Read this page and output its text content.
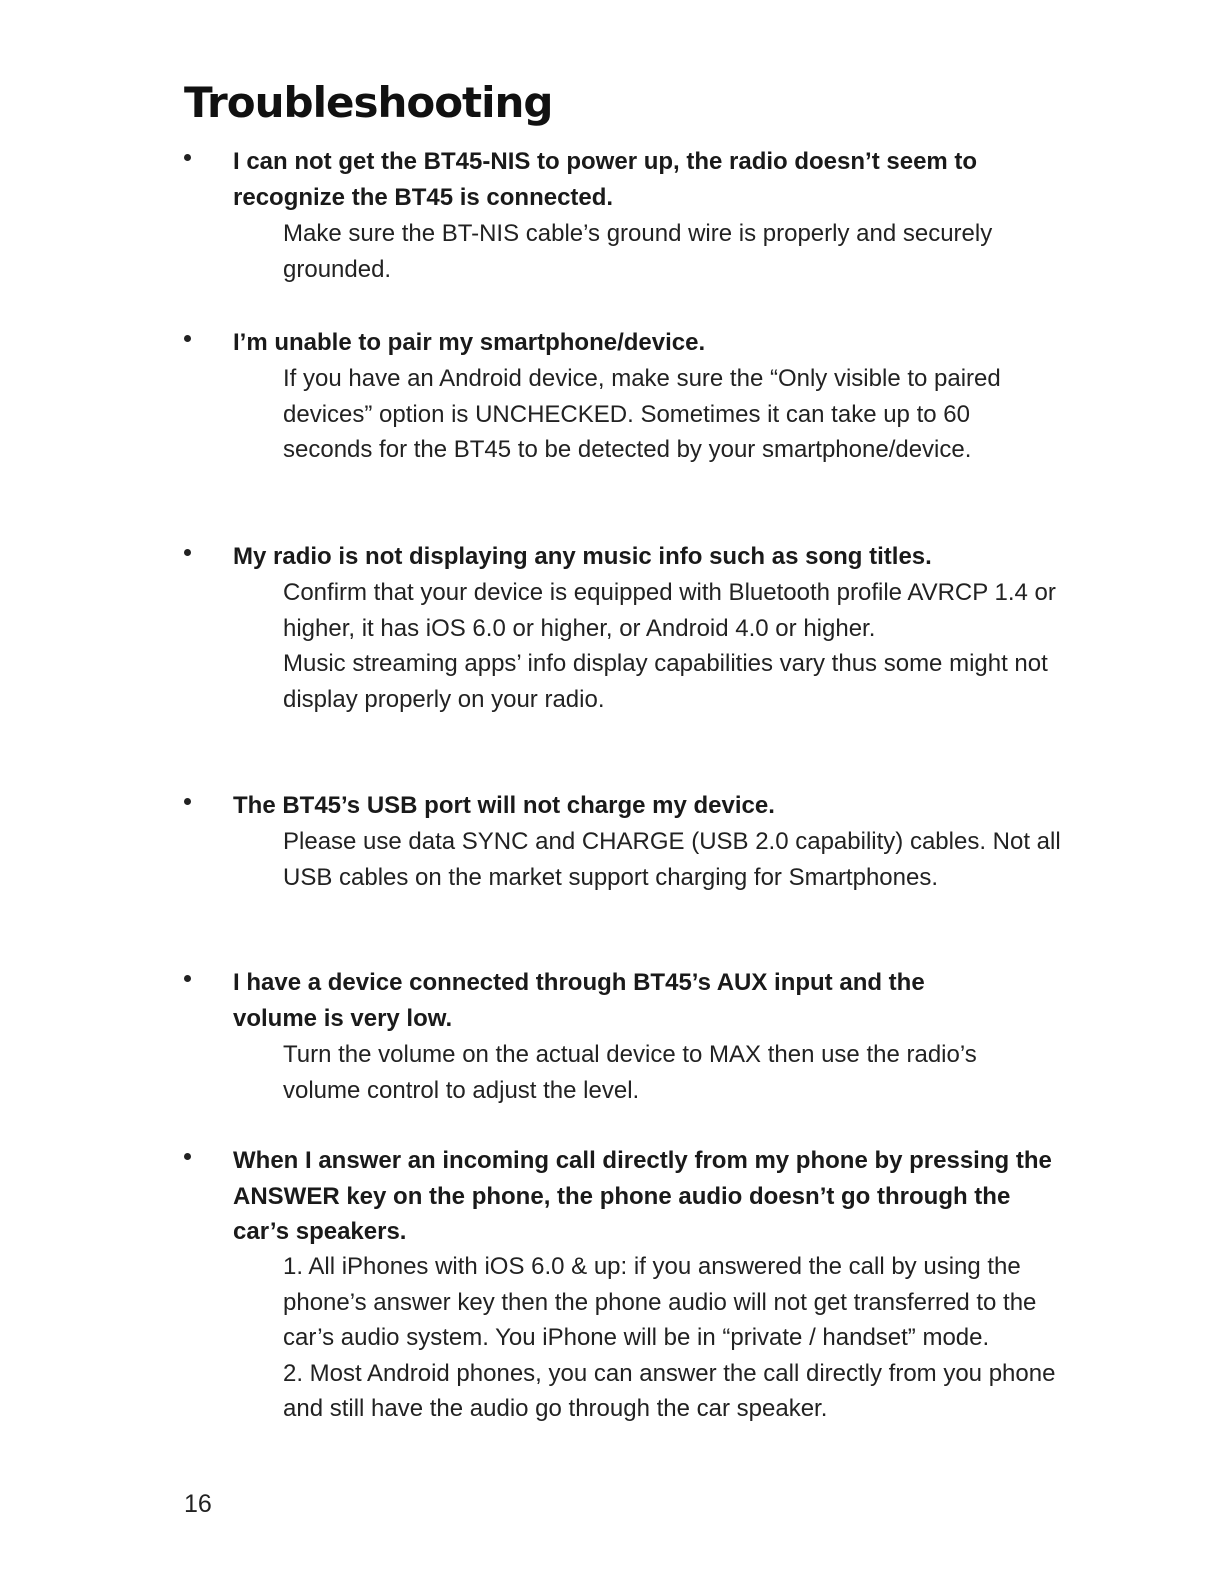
Troubleshooting
I can not get the BT45-NIS to power up, the radio doesn’t seem to recognize the BT45 is connected.

Make sure the BT-NIS cable’s ground wire is properly and securely grounded.

I’m unable to pair my smartphone/device.

If you have an Android device, make sure the “Only visible to paired devices” option is UNCHECKED. Sometimes it can take up to 60 seconds for the BT45 to be detected by your smartphone/device.

My radio is not displaying any music info such as song titles.

Confirm that your device is equipped with Bluetooth profile AVRCP 1.4 or higher, it has iOS 6.0 or higher, or Android 4.0 or higher.

Music streaming apps’ info display capabilities vary thus some might not display properly on your radio.

The BT45’s USB port will not charge my device.

Please use data SYNC and CHARGE (USB 2.0 capability) cables. Not all USB cables on the market support charging for Smartphones.

I have a device connected through BT45’s AUX input and the volume is very low.

Turn the volume on the actual device to MAX then use the radio’s volume control to adjust the level.

When I answer an incoming call directly from my phone by pressing the ANSWER key on the phone, the phone audio doesn’t go through the car’s speakers.

1. All iPhones with iOS 6.0 & up: if you answered the call by using the phone’s answer key then the phone audio will not get transferred to the car’s audio system. You iPhone will be in “private / handset” mode.

2. Most Android phones, you can answer the call directly from you phone and still have the audio go through the car speaker.

16
